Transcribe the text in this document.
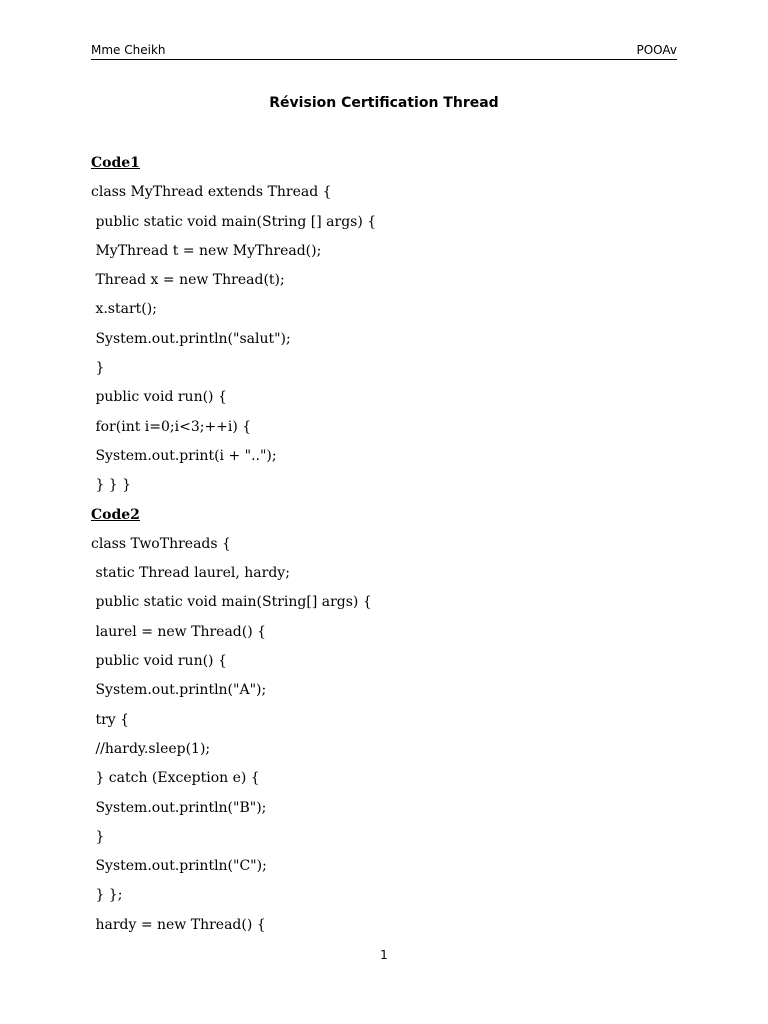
Mme Cheikh	POOAv
Révision Certification Thread
Code1
class MyThread extends Thread {
public static void main(String [] args) {
MyThread t = new MyThread();
Thread x = new Thread(t);
x.start();
System.out.println("salut");
}
public void run() {
for(int i=0;i<3;++i) {
System.out.print(i + "..");
} } }
Code2
class TwoThreads {
static Thread laurel, hardy;
public static void main(String[] args) {
laurel = new Thread() {
public void run() {
System.out.println("A");
try {
//hardy.sleep(1);
} catch (Exception e) {
System.out.println("B");
}
System.out.println("C");
} };
hardy = new Thread() {
1
